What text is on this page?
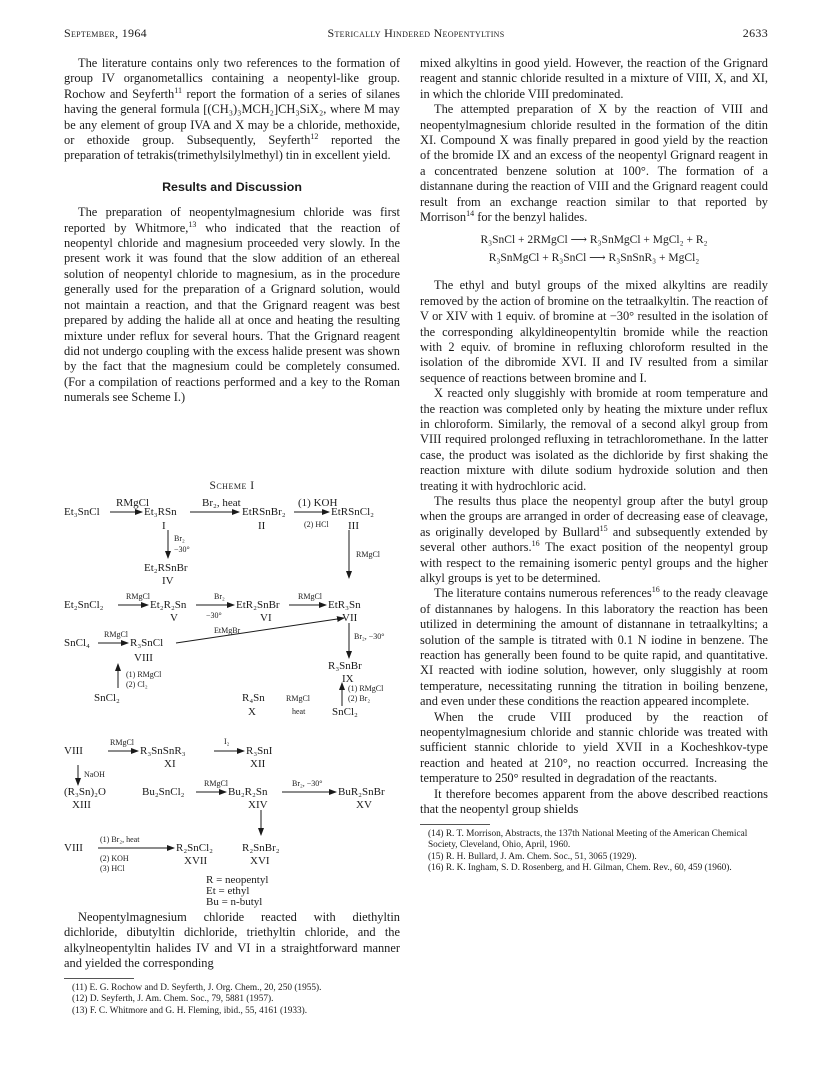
September, 1964	Sterically Hindered Neopentyltins	2633

The literature contains only two references to the formation of group IV organometallics containing a neopentyl-like group. Rochow and Seyferth$^{11}$ report the formation of a series of silanes having the general formula [(CH₃)₃MCH₂]CH₃SiX₂, where M may be any element of group IVA and X may be a chloride, methoxide, or ethoxide group. Subsequently, Seyferth$^{12}$ reported the preparation of tetrakis(trimethylsilylmethyl) tin in excellent yield.

Results and Discussion

The preparation of neopentylmagnesium chloride was first reported by Whitmore,$^{13}$ who indicated that the reaction of neopentyl chloride and magnesium proceeded very slowly. In the present work it was found that the slow addition of an ethereal solution of neopentyl chloride to magnesium, as in the procedure generally used for the preparation of a Grignard solution, would not maintain a reaction, and that the Grignard reagent was best prepared by adding the halide all at once and heating the resulting mixture under reflux for several hours. That the Grignard reagent did not undergo coupling with the excess halide present was shown by the fact that the magnesium could be completely consumed. (For a compilation of reactions performed and a key to the Roman numerals see Scheme I.)

Scheme I
RMgCl
Et₃SnCl	Et₃RSn
I
Br₂, heat
EtRSnBr₂
II
(1) KOH
(2) HCl
EtRSnCl₂
III
Br₂
−30°
Et₂RSnBr
IV
RMgCl
RMgCl
Et₂SnCl₂	Et₂R₂Sn
V
Br₂
−30°
EtR₂SnBr
VI
RMgCl
EtR₃Sn
VII
RMgCl
SnCl₄	R₃SnCl
VIII
EtMgBr
Br₂, −30°
R₃SnBr
IX
(1) RMgCl
(2) Cl₂
SnCl₂	R₄Sn
X
RMgCl
heat
(1) RMgCl
(2) Br₂
SnCl₂
RMgCl
VIII	R₃SnSnR₃
XI
I₂
R₃SnI
XII
NaOH
(R₃Sn)₂O
XIII
Bu₂SnCl₂
RMgCl
Bu₂R₂Sn
XIV
Br₂, −30°
BuR₂SnBr
XV
(1) Br₂, heat
VIII
(2) KOH
(3) HCl
R₂SnCl₂
XVII
R₂SnBr₂
XVI
R = neopentyl
Et = ethyl
Bu = n-butyl

Neopentylmagnesium chloride reacted with diethyltin dichloride, dibutyltin dichloride, triethyltin chloride, and the alkylneopentyltin halides IV and VI in a straightforward manner and yielded the corresponding

(11) E. G. Rochow and D. Seyferth, J. Org. Chem., 20, 250 (1955).
(12) D. Seyferth, J. Am. Chem. Soc., 79, 5881 (1957).
(13) F. C. Whitmore and G. H. Fleming, ibid., 55, 4161 (1933).

mixed alkyltins in good yield. However, the reaction of the Grignard reagent and stannic chloride resulted in a mixture of VIII, X, and XI, in which the chloride VIII predominated.

The attempted preparation of X by the reaction of VIII and neopentylmagnesium chloride resulted in the formation of the ditin XI. Compound X was finally prepared in good yield by the reaction of the bromide IX and an excess of the neopentyl Grignard reagent in a concentrated benzene solution at 100°. The formation of a distannane during the reaction of VIII and the Grignard reagent could result from an exchange reaction similar to that reported by Morrison$^{14}$ for the benzyl halides.

R₃SnCl + 2RMgCl ⟶ R₃SnMgCl + MgCl₂ + R₂
R₃SnMgCl + R₃SnCl ⟶ R₃SnSnR₃ + MgCl₂

The ethyl and butyl groups of the mixed alkyltins are readily removed by the action of bromine on the tetraalkyltin. The reaction of V or XIV with 1 equiv. of bromine at −30° resulted in the isolation of the corresponding alkyldineopentyltin bromide while the reaction with 2 equiv. of bromine in refluxing chloroform resulted in the isolation of the dibromide XVI. II and IV resulted from a similar sequence of reactions between bromine and I.

X reacted only sluggishly with bromide at room temperature and the reaction was completed only by heating the mixture under reflux in chloroform. Similarly, the removal of a second alkyl group from VIII required prolonged refluxing in tetrachloromethane. In the latter case, the product was isolated as the dichloride by first shaking the reaction mixture with dilute sodium hydroxide solution and then treating it with hydrochloric acid.

The results thus place the neopentyl group after the butyl group when the groups are arranged in order of decreasing ease of cleavage, as originally developed by Bullard$^{15}$ and subsequently extended by several other authors.$^{16}$ The exact position of the neopentyl group with respect to the remaining isomeric pentyl groups and the higher alkyl groups is yet to be determined.

The literature contains numerous references$^{16}$ to the ready cleavage of distannanes by halogens. In this laboratory the reaction has been utilized in determining the amount of distannane in tetraalkyltins; a solution of the sample is titrated with 0.1 N iodine in benzene. The reaction has generally been found to be quite rapid, and quantitative. XI reacted with iodine solution, however, only sluggishly at room temperature, necessitating running the titration in boiling benzene, and even under these conditions the reaction appeared incomplete.

When the crude VIII produced by the reaction of neopentylmagnesium chloride and stannic chloride was treated with sufficient stannic chloride to yield XVII in a Kocheshkov-type reaction and heated at 210°, no reaction occurred. Increasing the temperature to 250° resulted in degradation of the reactants.

It therefore becomes apparent from the above described reactions that the neopentyl group shields

(14) R. T. Morrison, Abstracts, the 137th National Meeting of the American Chemical Society, Cleveland, Ohio, April, 1960.
(15) R. H. Bullard, J. Am. Chem. Soc., 51, 3065 (1929).
(16) R. K. Ingham, S. D. Rosenberg, and H. Gilman, Chem. Rev., 60, 459 (1960).
